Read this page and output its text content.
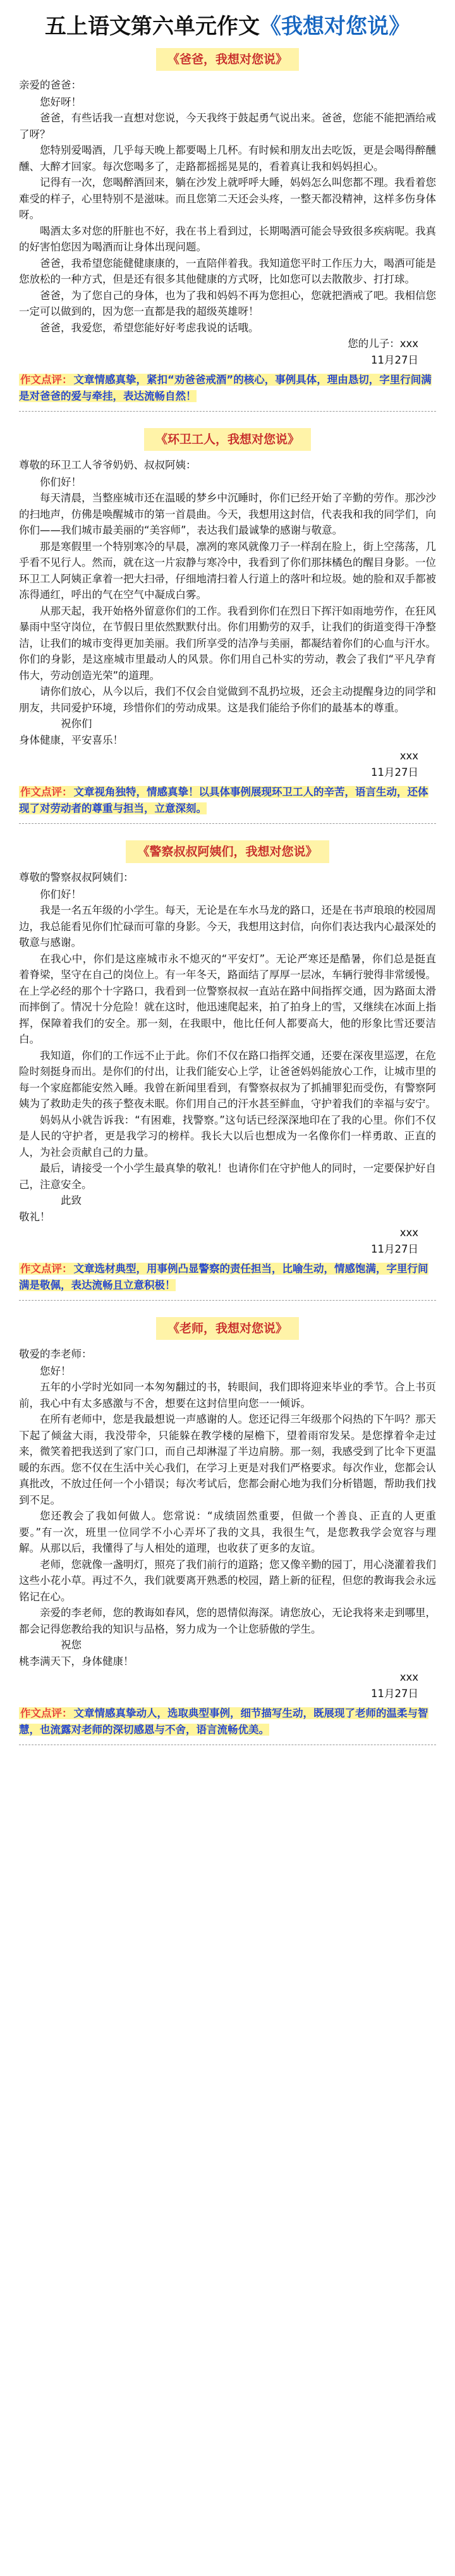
五上语文第六单元作文《我想对您说》
《爸爸，我想对您说》

亲爱的爸爸：

您好呀！

爸爸，有些话我一直想对您说，今天我终于鼓起勇气说出来。爸爸，您能不能把酒给戒了呀？

您特别爱喝酒，几乎每天晚上都要喝上几杯。有时候和朋友出去吃饭，更是会喝得醉醺醺、大醉才回家。每次您喝多了，走路都摇摇晃晃的，看着真让我和妈妈担心。

记得有一次，您喝醉酒回来，躺在沙发上就呼呼大睡，妈妈怎么叫您都不理。我看着您难受的样子，心里特别不是滋味。而且您第二天还会头疼，一整天都没精神，这样多伤身体呀。

喝酒太多对您的肝脏也不好，我在书上看到过，长期喝酒可能会导致很多疾病呢。我真的好害怕您因为喝酒而让身体出现问题。

爸爸，我希望您能健健康康的，一直陪伴着我。我知道您平时工作压力大，喝酒可能是您放松的一种方式，但是还有很多其他健康的方式呀，比如您可以去散散步、打打球。

爸爸，为了您自己的身体，也为了我和妈妈不再为您担心，您就把酒戒了吧。我相信您一定可以做到的，因为您一直都是我的超级英雄呀！

爸爸，我爱您，希望您能好好考虑我说的话哦。

您的儿子：xxx

11月27日

作文点评： 文章情感真挚，紧扣“劝爸爸戒酒”的核心，事例具体，理由恳切，字里行间满是对爸爸的爱与牵挂，表达流畅自然！

《环卫工人，我想对您说》

尊敬的环卫工人爷爷奶奶、叔叔阿姨：

你们好！

每天清晨，当整座城市还在温暖的梦乡中沉睡时，你们已经开始了辛勤的劳作。那沙沙的扫地声，仿佛是唤醒城市的第一首晨曲。今天，我想用这封信，代表我和我的同学们，向你们——我们城市最美丽的“美容师”，表达我们最诚挚的感谢与敬意。

那是寒假里一个特别寒冷的早晨，凛冽的寒风就像刀子一样刮在脸上，街上空荡荡，几乎看不见行人。然而，就在这一片寂静与寒冷中，我看到了你们那抹橘色的醒目身影。一位环卫工人阿姨正拿着一把大扫帚，仔细地清扫着人行道上的落叶和垃圾。她的脸和双手都被冻得通红，呼出的气在空气中凝成白雾。

从那天起，我开始格外留意你们的工作。我看到你们在烈日下挥汗如雨地劳作，在狂风暴雨中坚守岗位，在节假日里依然默默付出。你们用勤劳的双手，让我们的街道变得干净整洁，让我们的城市变得更加美丽。我们所享受的洁净与美丽，都凝结着你们的心血与汗水。你们的身影，是这座城市里最动人的风景。你们用自己朴实的劳动，教会了我们“平凡孕育伟大，劳动创造光荣”的道理。

请你们放心，从今以后，我们不仅会自觉做到不乱扔垃圾，还会主动提醒身边的同学和朋友，共同爱护环境，珍惜你们的劳动成果。这是我们能给予你们的最基本的尊重。

祝你们

身体健康，平安喜乐！

xxx

11月27日

作文点评： 文章视角独特，情感真挚！以具体事例展现环卫工人的辛苦，语言生动，还体现了对劳动者的尊重与担当，立意深刻。

《警察叔叔阿姨们，我想对您说》

尊敬的警察叔叔阿姨们：

你们好！

我是一名五年级的小学生。每天，无论是在车水马龙的路口，还是在书声琅琅的校园周边，我总能看见你们忙碌而可靠的身影。今天，我想用这封信，向你们表达我内心最深处的敬意与感谢。

在我心中，你们是这座城市永不熄灭的“平安灯”。无论严寒还是酷暑，你们总是挺直着脊梁，坚守在自己的岗位上。有一年冬天，路面结了厚厚一层冰，车辆行驶得非常缓慢。在上学必经的那个十字路口，我看到一位警察叔叔一直站在路中间指挥交通，因为路面太滑而摔倒了。情况十分危险！就在这时，他迅速爬起来，拍了拍身上的雪，又继续在冰面上指挥，保障着我们的安全。那一刻，在我眼中，他比任何人都要高大，他的形象比雪还要洁白。

我知道，你们的工作远不止于此。你们不仅在路口指挥交通，还要在深夜里巡逻，在危险时刻挺身而出。是你们的付出，让我们能安心上学，让爸爸妈妈能放心工作，让城市里的每一个家庭都能安然入睡。我曾在新闻里看到，有警察叔叔为了抓捕罪犯而受伤，有警察阿姨为了救助走失的孩子整夜未眠。你们用自己的汗水甚至鲜血，守护着我们的幸福与安宁。

妈妈从小就告诉我：“有困难，找警察。”这句话已经深深地印在了我的心里。你们不仅是人民的守护者，更是我学习的榜样。我长大以后也想成为一名像你们一样勇敢、正直的人，为社会贡献自己的力量。

最后，请接受一个小学生最真挚的敬礼！也请你们在守护他人的同时，一定要保护好自己，注意安全。

此致

敬礼！

xxx

11月27日

作文点评： 文章选材典型，用事例凸显警察的责任担当，比喻生动，情感饱满，字里行间满是敬佩，表达流畅且立意积极！

《老师，我想对您说》

敬爱的李老师：

您好！

五年的小学时光如同一本匆匆翻过的书，转眼间，我们即将迎来毕业的季节。合上书页前，我心中有太多感激与不舍，想要在这封信里向您一一倾诉。

在所有老师中，您是我最想说一声感谢的人。您还记得三年级那个闷热的下午吗？那天下起了倾盆大雨，我没带伞，只能躲在教学楼的屋檐下，望着雨帘发呆。是您撑着伞走过来，微笑着把我送到了家门口，而自己却淋湿了半边肩膀。那一刻，我感受到了比伞下更温暖的东西。您不仅在生活中关心我们，在学习上更是对我们严格要求。每次作业，您都会认真批改，不放过任何一个小错误；每次考试后，您都会耐心地为我们分析错题，帮助我们找到不足。

您还教会了我如何做人。您常说：“成绩固然重要，但做一个善良、正直的人更重要。”有一次，班里一位同学不小心弄坏了我的文具，我很生气，是您教我学会宽容与理解。从那以后，我懂得了与人相处的道理，也收获了更多的友谊。

老师，您就像一盏明灯，照亮了我们前行的道路；您又像辛勤的园丁，用心浇灌着我们这些小花小草。再过不久，我们就要离开熟悉的校园，踏上新的征程，但您的教诲我会永远铭记在心。

亲爱的李老师，您的教诲如春风，您的恩情似海深。请您放心，无论我将来走到哪里，都会记得您教给我的知识与品格，努力成为一个让您骄傲的学生。

祝您

桃李满天下，身体健康！

xxx

11月27日

作文点评： 文章情感真挚动人，选取典型事例，细节描写生动，既展现了老师的温柔与智慧，也流露对老师的深切感恩与不舍，语言流畅优美。
